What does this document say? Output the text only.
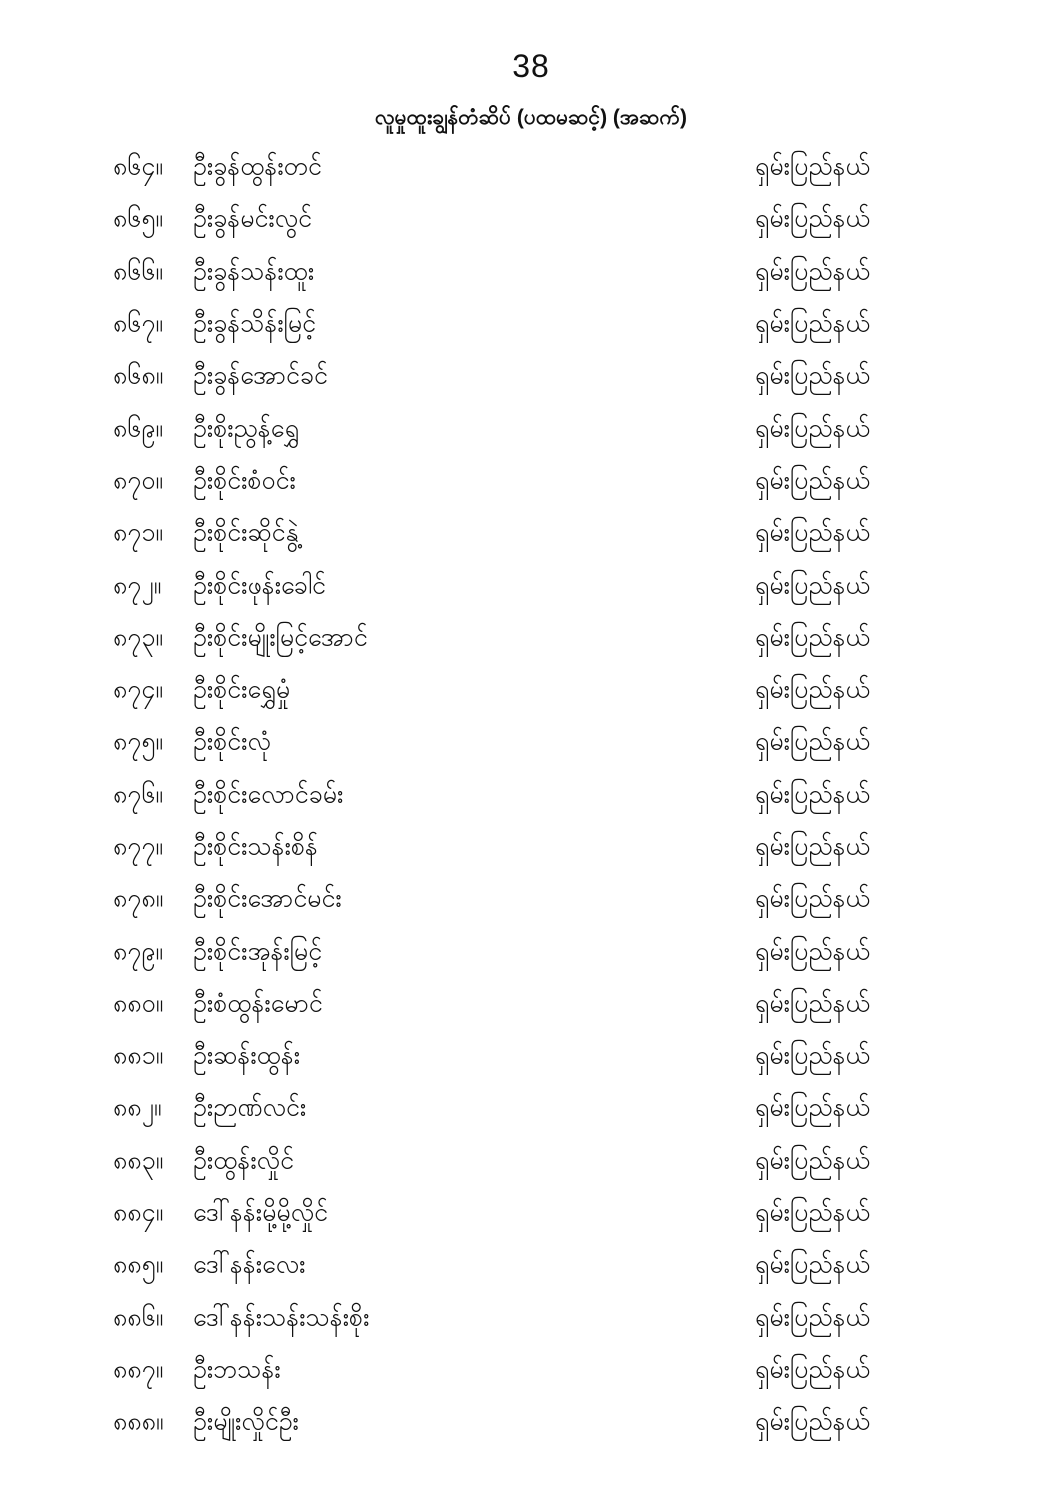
38
လူမှုထူးချွန်တံဆိပ် (ပထမဆင့်) (အဆက်)
၈၆၄။ ဦးခွန်ထွန်းတင်	ရှမ်းပြည်နယ်
၈၆၅။ ဦးခွန်မင်းလွင်	ရှမ်းပြည်နယ်
၈၆၆။ ဦးခွန်သန်းထူး	ရှမ်းပြည်နယ်
၈၆၇။ ဦးခွန်သိန်းမြင့်	ရှမ်းပြည်နယ်
၈၆၈။ ဦးခွန်အောင်ခင်	ရှမ်းပြည်နယ်
၈၆၉။ ဦးစိုးညွန့်ရွှေ	ရှမ်းပြည်နယ်
၈၇၀။ ဦးစိုင်းစံဝင်း	ရှမ်းပြည်နယ်
၈၇၁။ ဦးစိုင်းဆိုင်နွဲ့	ရှမ်းပြည်နယ်
၈၇၂။ ဦးစိုင်းဖုန်းခေါင်	ရှမ်းပြည်နယ်
၈၇၃။ ဦးစိုင်းမျိုးမြင့်အောင်	ရှမ်းပြည်နယ်
၈၇၄။ ဦးစိုင်းရွှေမှုံ	ရှမ်းပြည်နယ်
၈၇၅။ ဦးစိုင်းလုံ	ရှမ်းပြည်နယ်
၈၇၆။ ဦးစိုင်းလောင်ခမ်း	ရှမ်းပြည်နယ်
၈၇၇။ ဦးစိုင်းသန်းစိန်	ရှမ်းပြည်နယ်
၈၇၈။ ဦးစိုင်းအောင်မင်း	ရှမ်းပြည်နယ်
၈၇၉။ ဦးစိုင်းအုန်းမြင့်	ရှမ်းပြည်နယ်
၈၈၀။ ဦးစံထွန်းမောင်	ရှမ်းပြည်နယ်
၈၈၁။ ဦးဆန်းထွန်း	ရှမ်းပြည်နယ်
၈၈၂။ ဦးဉာဏ်လင်း	ရှမ်းပြည်နယ်
၈၈၃။ ဦးထွန်းလှိုင်	ရှမ်းပြည်နယ်
၈၈၄။ ဒေါ်နန်းမို့မို့လှိုင်	ရှမ်းပြည်နယ်
၈၈၅။ ဒေါ်နန်းလေး	ရှမ်းပြည်နယ်
၈၈၆။ ဒေါ်နန်းသန်းသန်းစိုး	ရှမ်းပြည်နယ်
၈၈၇။ ဦးဘသန်း	ရှမ်းပြည်နယ်
၈၈၈။ ဦးမျိုးလှိုင်ဦး	ရှမ်းပြည်နယ်
